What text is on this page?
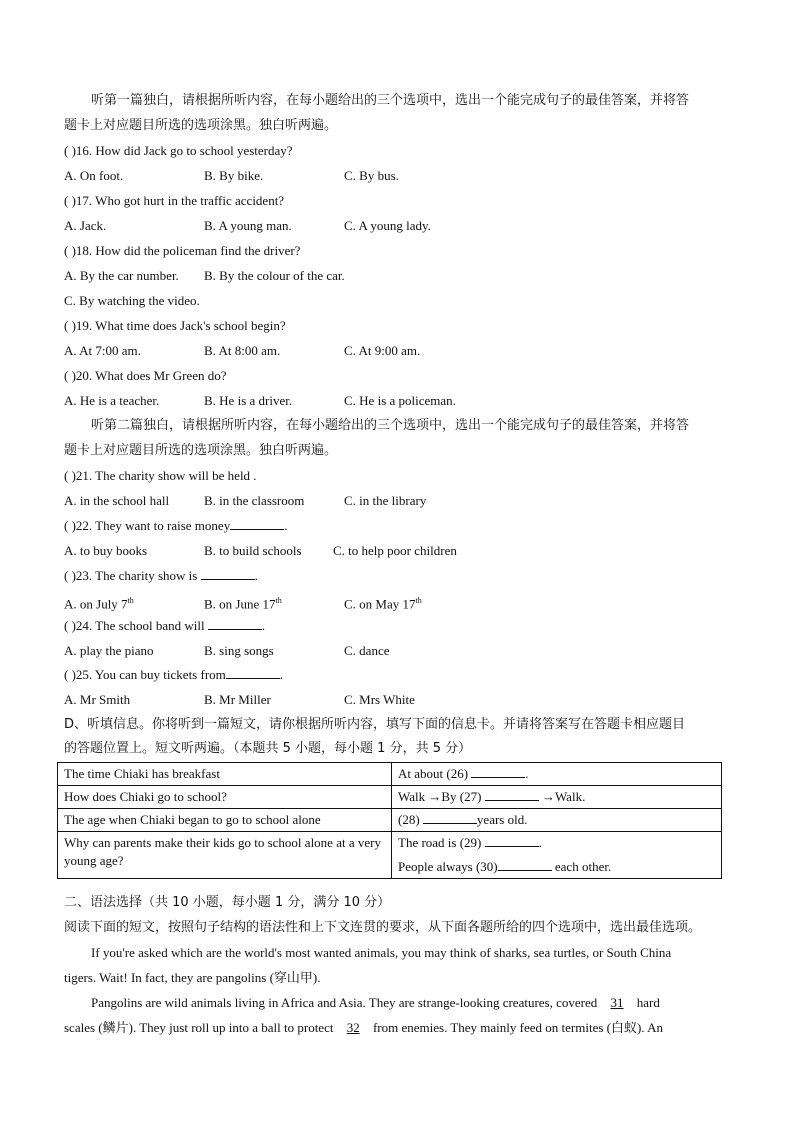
听第一篇独白，请根据所听内容，在每小题给出的三个选项中，选出一个能完成句子的最佳答案，并将答
题卡上对应题目所选的选项涂黑。独白听两遍。
( )16. How did Jack go to school yesterday?
A. On foot.	B. By bike.	C. By bus.
( )17. Who got hurt in the traffic accident?
A. Jack.	B. A young man.	C. A young lady.
( )18. How did the policeman find the driver?
A. By the car number. B. By the colour of the car.
C. By watching the video.
( )19. What time does Jack's school begin?
A. At 7:00 am.	B. At 8:00 am.	C. At 9:00 am.
( )20. What does Mr Green do?
A. He is a teacher.	B. He is a driver.	C. He is a policeman.
听第二篇独白，请根据所听内容，在每小题给出的三个选项中，选出一个能完成句子的最佳答案，并将答
题卡上对应题目所选的选项涂黑。独白听两遍。
( )21. The charity show will be held .
A. in the school hall	B. in the classroom	C. in the library
( )22. They want to raise money	.
A. to buy books	B. to build schools C. to help poor children
( )23. The charity show is	.
A. on July 7th	B. on June 17th	C. on May 17th
( )24. The school band will	.
A. play the piano	B. sing songs	C. dance
( )25. You can buy tickets from	.
A. Mr Smith	B. Mr Miller	C. Mrs White
D、听填信息。你将听到一篇短文，请你根据所听内容，填写下面的信息卡。并请将答案写在答题卡相应题目
的答题位置上。短文听两遍。（本题共 5 小题，每小题 1 分，共 5 分）
The time Chiaki has breakfast	At about (26) .
How does Chiaki go to school?	Walk →By (27) →Walk.
The age when Chiaki began to go to school alone	(28) years old.
Why can parents make their kids go to school alone at a very young age?	The road is (29) .
People always (30) each other.
二、语法选择（共 10 小题，每小题 1 分，满分 10 分）
阅读下面的短文，按照句子结构的语法性和上下文连贯的要求，从下面各题所给的四个选项中，选出最佳选项。
If you're asked which are the world's most wanted animals, you may think of sharks, sea turtles, or South China
tigers. Wait! In fact, they are pangolins (穿山甲).
Pangolins are wild animals living in Africa and Asia. They are strange-looking creatures, covered 31 hard
scales (鳞片). They just roll up into a ball to protect 32 from enemies. They mainly feed on termites (白蚁). An
